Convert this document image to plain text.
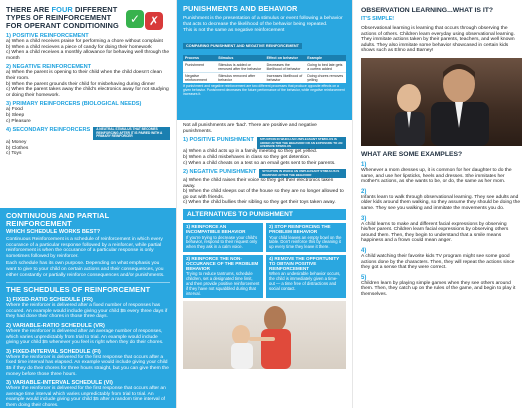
THERE ARE FOUR DIFFERENT TYPES OF REINFORCEMENT FOR OPERANT CONDITIONING ✓ ✗
1) POSITIVE REINFORCEMENT
a) When a child receives praise for performing a chore without complaint
b) When a child recieves a piece of candy for doing their homework
c) When a child receives a monthly allowance for behaving well through the month
2) NEGATIVE REINFORCEMENT
a) When the parent is opening to their child when the child doesn't clean their room.
b) When the parent grounds their child for misbehaving during dinner
c) When the parent takes away the child's electronics away for not studying or doing their homework.
3) PRIMARY REINFORCERS (BIOLOGICAL NEEDS)
a) Food
b) Sleep
c) Pleasure
4) SECONDARY REINFORCERS	A NEUTRAL STIMULUS THAT BECOMES REINFORCING AFTER IT IS PAIRED WITH A PRIMARY REINFORCER
a) Money
b) Clothes
c) Toys
CONTINUOUS AND PARTIAL REINFORCEMENT
WHICH SCHEDULE WORKS BEST?
Continuous Reinforcement is a schedule of reinforcement in which every occurance of a particular response followed by a reinforcer, while partial reinforcement is when the occurance of a particular response is only sometimes followed by reinforcer.
Each schedule has its own purpose. Depending on what emphasis you want to give to your child on certain actions and their consequences, you either constantly or partially reinforce consequences and/or punishments.
THE SCHEDULES OF REINFORCEMENT
1) FIXED-RATIO SCHEDULE (FR)
Where the reinforcer is delivered after a fixed number of responses has occured. An example would include giving your child $5 every three days if they had done their chores in those three days.
2) VARIABLE-RATIO SCHEDULE (VR)
Where the reinforcer is delivered after an average number of responses, which varies unpredictably from trial to trial. An example would include giving your child $5 whenever you feel is right when they do their chores.
3) FIXED-INTERVAL SCHEDULE (FI)
Where the reinforcer is delivered for the first response that occurs after a fixed time interval has elapsed. An example would include giving your child $5 if they do their chores for three hours straight, but you can give them the money before those three hours.
3) VARIABLE-INTERVAL SCHEDULE (VI)
Where the reinforcer is delivered for the first response that occurs after an average time interval which varies unpredictably from trial to trial. An example would include giving your child $5 after a random time interval of them doing their chores.
PUNISHMENTS AND BEHAVIOR
Punishment is the presentation of a stimulus or event following a behavior that acts to decrease the likelihood of the behavior being repeated.
This is not the same as negative reinforcement
COMPARING PUNISHMENT AND NEGATIVE REINFORCEMENT
Process	Stimulus	Effect on behavior	Example
Punishment	Stimulus is added or removed after the behavior	Decreases the likelihood of behavior	Going to bed late gets a curfew added
Negative reinforcement	Stimulus removed after behavior	Increases likelihood of behavior	Doing chores removes yelling
If punishment and negative reinforcement are two different processes that produce opposite effects on a given behavior. Punishment decreases the future performance of the behavior, while negative reinforcement increases it.
Not all punishments are 'bad'. There are positive and negative punishments.
1) POSITIVE PUNISHMENT	SITUATION IN WHICH AN UNPLEASANT STIMULUS IS ADDED AFTER THE BEHAVIOR OR AN EXPOSURE TO AN AVERSIVE STIMULUS
a) When a child acts up in a family meeting so they get yelled.
b) When a child misbehaves in class so they get detention.
c) When a child cheats on a test so an email gets sent to their parents.
2) NEGATIVE PUNISHMENT	SITUATION IN WHICH AN UNPLEASANT STIMULUS IS REMOVED AFTER THE BEHAVIOR
a) When the child raises their voice so they get their electronics taken away.
b) When the child sleeps out of the house so they are no longer allowed to go out with friends.
c) When the child bullies their sibling so they get their toys taken away.
ALTERNATIVES TO PUNISHMENT
1) REINFORCE AN INCOMPATIBLE BEHAVIOR
If you're trying to decrease your child's behavior, respond to their request only when they ask in a calm voice.
2) STOP REINFORCING THE PROBLEM BEHAVIOR
Your child leaves an empty bowl on the table. Don't reinforce this by cleaning it up every time they leave it there.
3) REINFORCE THE NON-OCCURANCE OF THE PROBLEM BEHAVIOR
Trying to reduce tantrums, schedule children, set a designated time limit, and then provide positive reinforcement if they have not squabbled during that interval.
4) REMOVE THE OPPORTUNITY TO OBTAIN POSITIVE REINFORCEMENT
When an undesirable behavior occurs, the child is immediately given a time-out — a time free of distractions and social contact.
OBSERVATION LEARNING...WHAT IS IT?
IT'S SIMPLE!
Observational learning is learning that occurs through observing the actions of others. Children learn everyday using observational learning. They immitate actions taken by their parents, teachers, and well known adults. They also immitate some behavior showcased in certain kids shows such as Elmo and Barney!
WHAT ARE SOME EXAMPLES?
1)
Whenever a mom dresses up, it is common for her daughter to do the same, and use her lipsticks, heels and dresses. She immitates her mother's actions, as she wants to be, or do, the same as her mom.
2)
Infants learn to walk through observational learning. They see adults and older kids around them walking, so they assume they should be doing the same. They see you walking and immitate the movements you do.
3)
A child learns to make and different facial expressions by observing his/her parent. Children learn facial expressions by observing others around them. Then, they begin to understand that a smile means happiness and a frown could mean anger.
4)
A child watching their favorite kids TV program might see some good actions done by the characters. Then, they will repeat the actions since they got a sense that they were correct.
5)
Children learn by playing simple games when they see others around them. Then, they catch up on the rules of the game, and begin to play it themselves.
